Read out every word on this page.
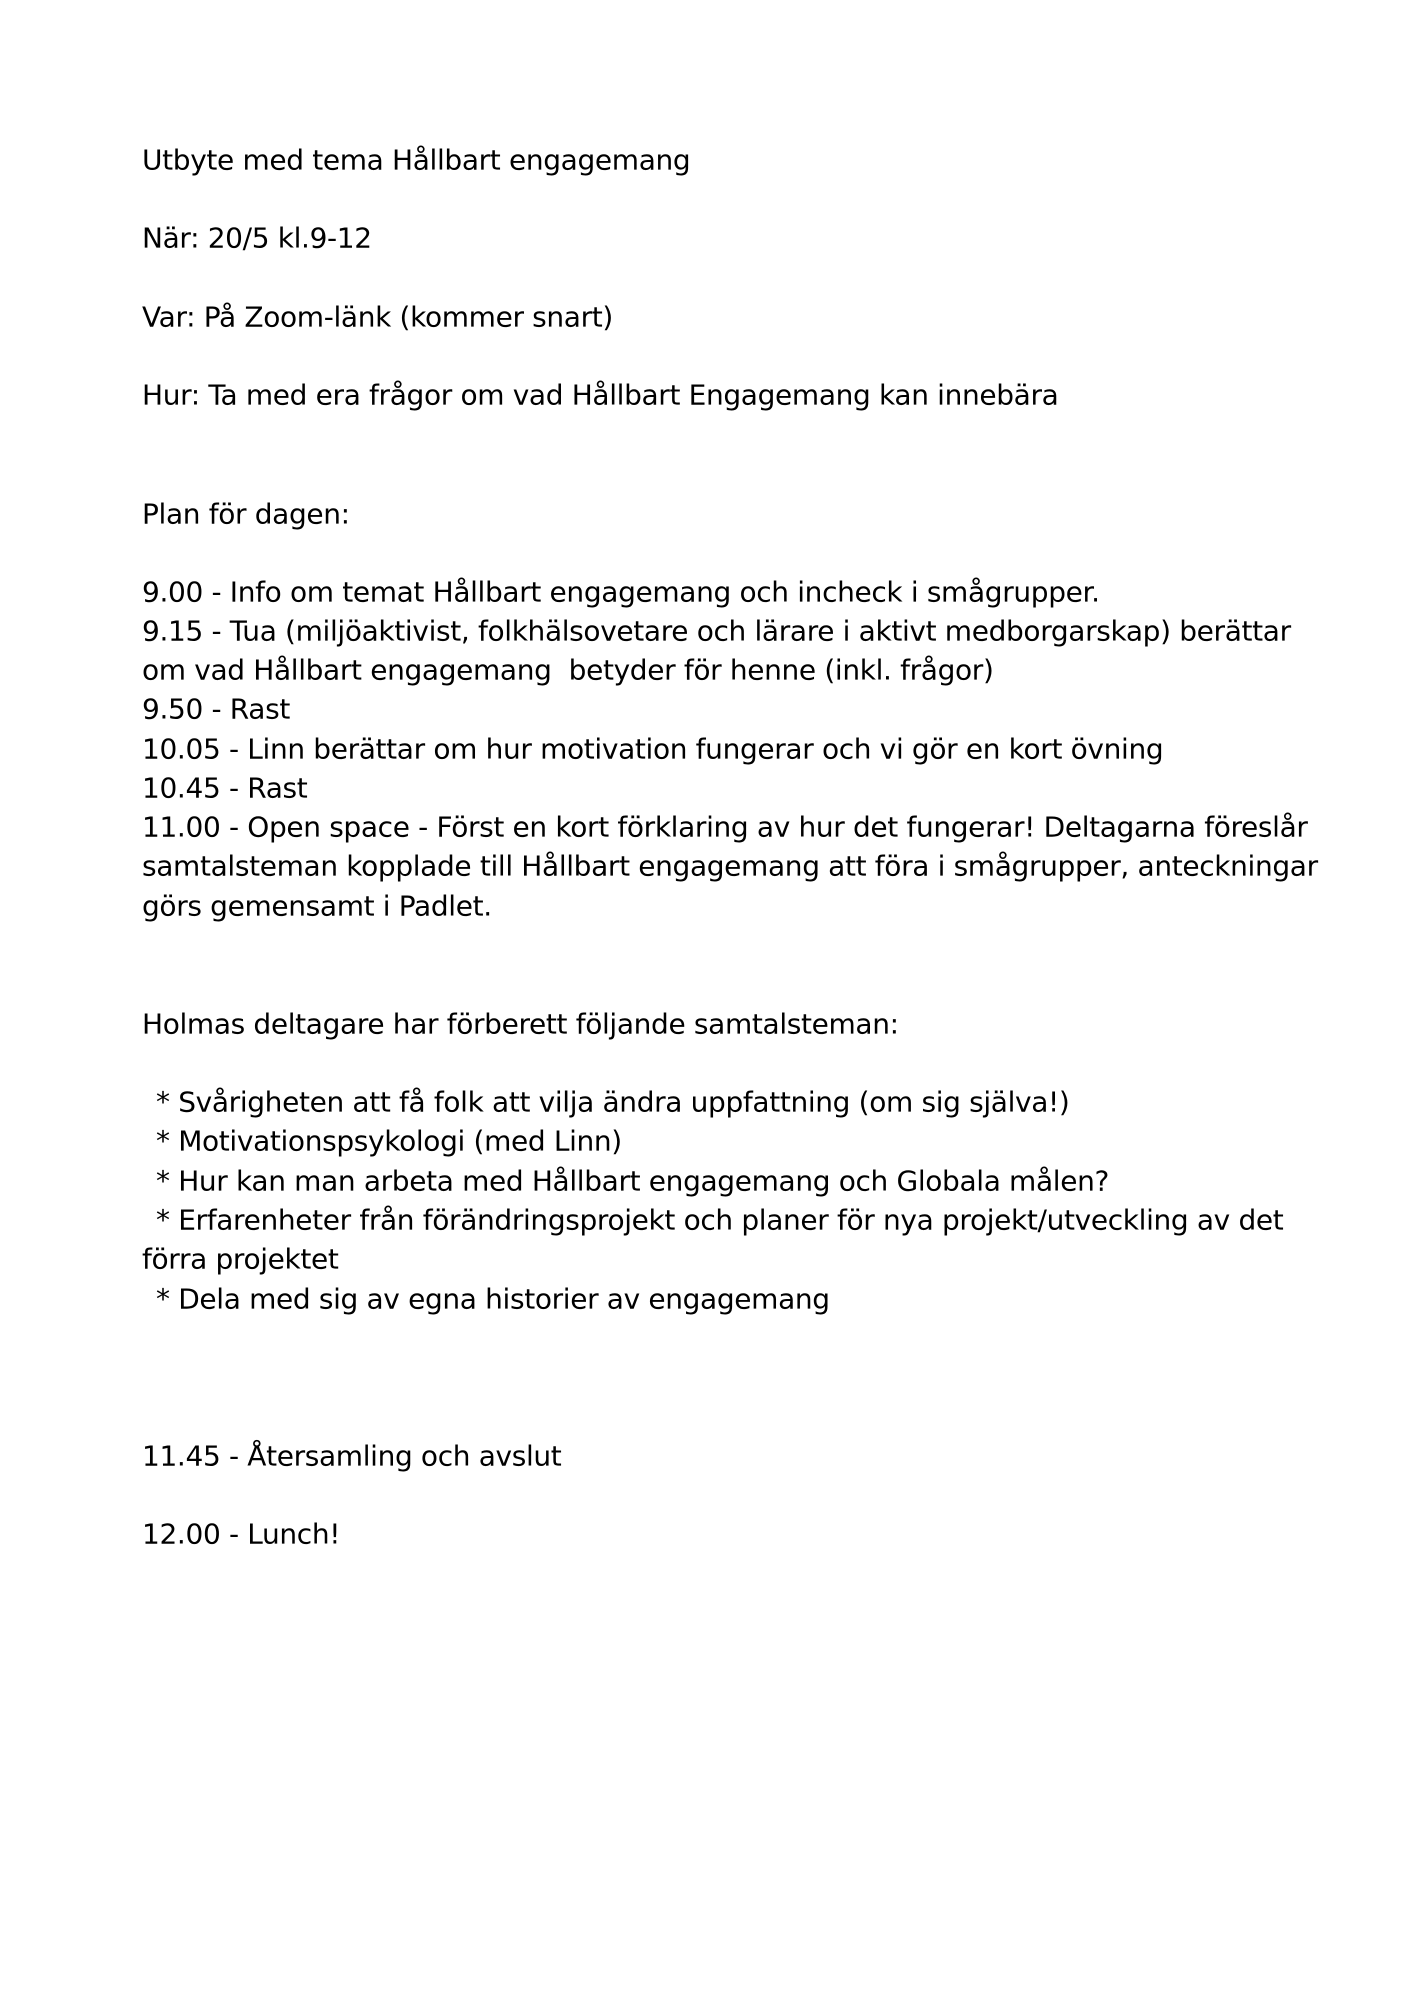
Utbyte med tema Hållbart engagemang

När: 20/5 kl.9-12

Var: På Zoom-länk (kommer snart)

Hur: Ta med era frågor om vad Hållbart Engagemang kan innebära

Plan för dagen:

9.00 - Info om temat Hållbart engagemang och incheck i smågrupper.

9.15 - Tua (miljöaktivist, folkhälsovetare och lärare i aktivt medborgarskap) berättar

om vad Hållbart engagemang  betyder för henne (inkl. frågor)

9.50 - Rast

10.05 - Linn berättar om hur motivation fungerar och vi gör en kort övning

10.45 - Rast

11.00 - Open space - Först en kort förklaring av hur det fungerar! Deltagarna föreslår

samtalsteman kopplade till Hållbart engagemang att föra i smågrupper, anteckningar

görs gemensamt i Padlet.

Holmas deltagare har förberett följande samtalsteman:

* Svårigheten att få folk att vilja ändra uppfattning (om sig själva!)

* Motivationspsykologi (med Linn)

* Hur kan man arbeta med Hållbart engagemang och Globala målen?

* Erfarenheter från förändringsprojekt och planer för nya projekt/utveckling av det

förra projektet

* Dela med sig av egna historier av engagemang

11.45 - Återsamling och avslut

12.00 - Lunch!
